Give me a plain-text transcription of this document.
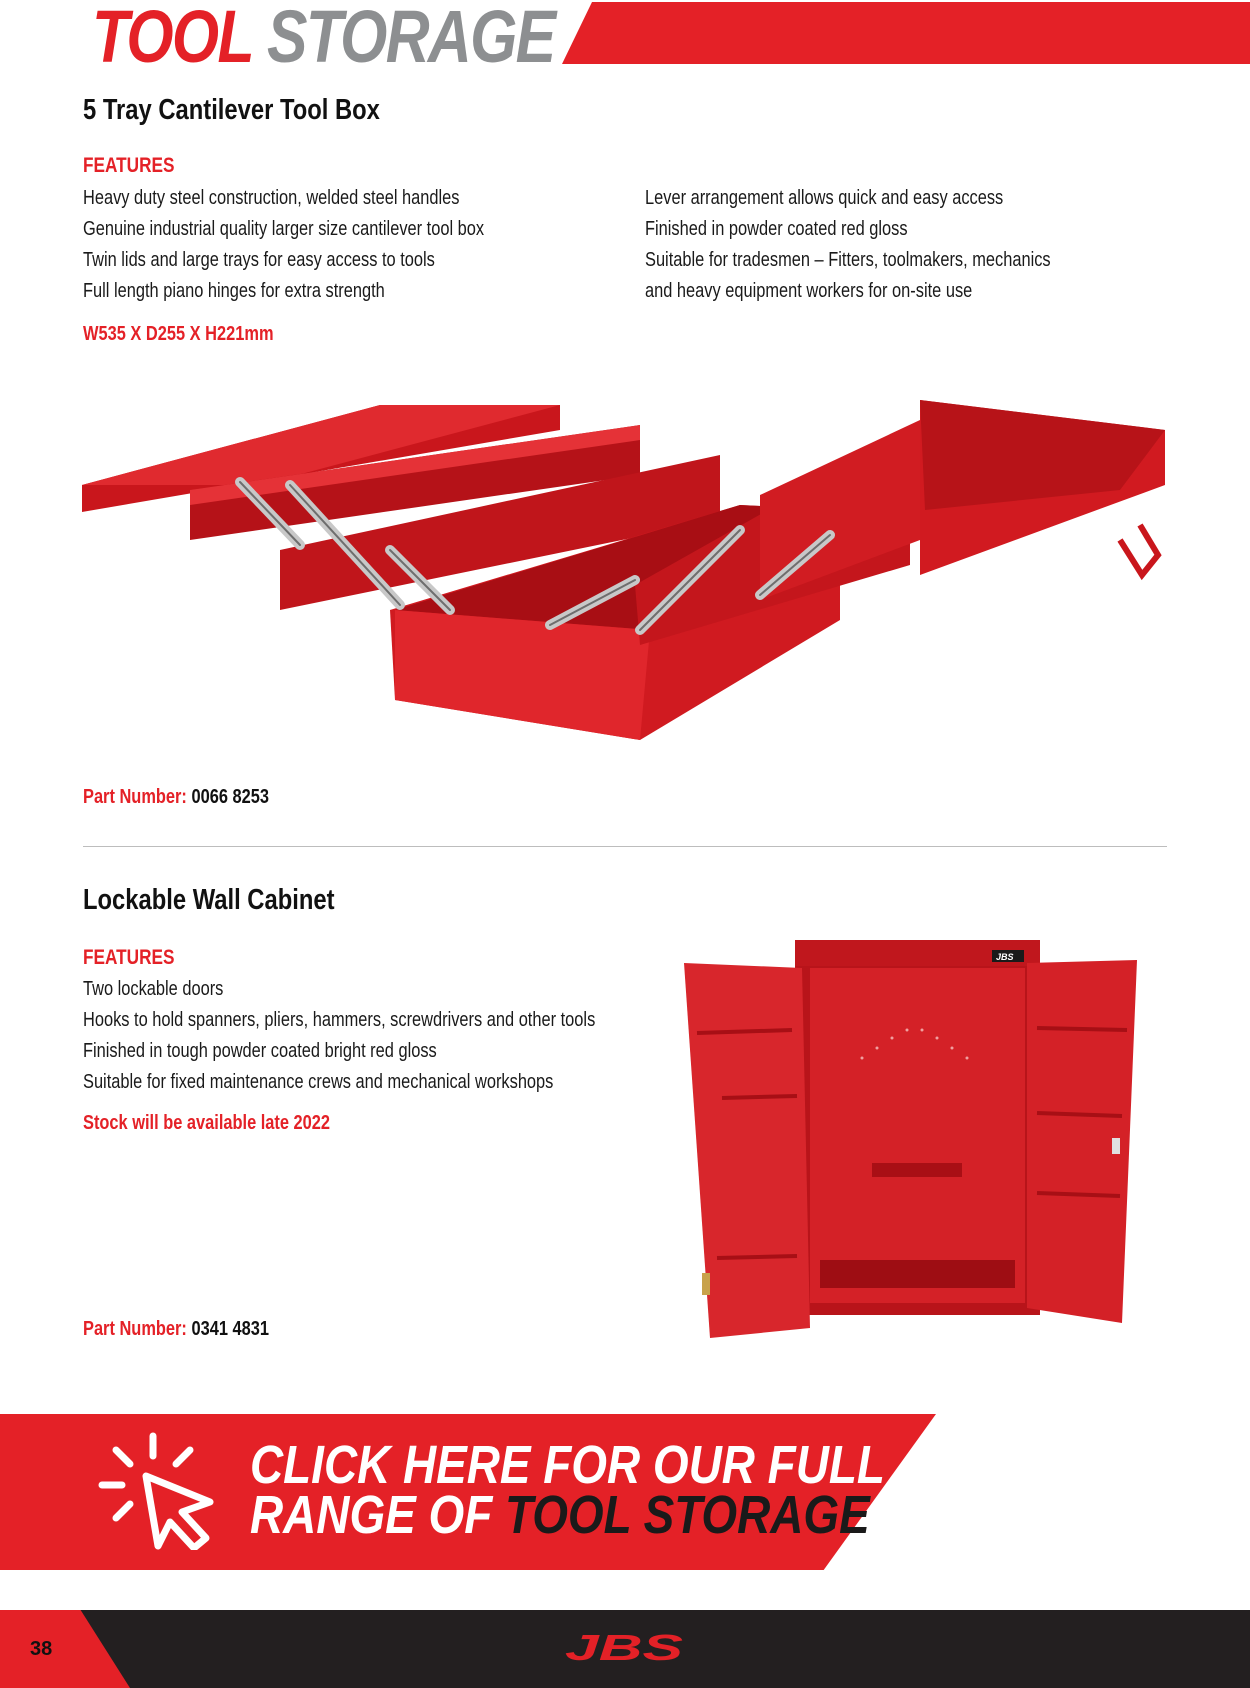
TOOL STORAGE
5 Tray Cantilever Tool Box
FEATURES
Heavy duty steel construction, welded steel handles
Genuine industrial quality larger size cantilever tool box
Twin lids and large trays for easy access to tools
Full length piano hinges for extra strength
Lever arrangement allows quick and easy access
Finished in powder coated red gloss
Suitable for tradesmen – Fitters, toolmakers, mechanics
and heavy equipment workers for on-site use
W535 X D255 X H221mm
Part Number: 0066 8253
Lockable Wall Cabinet
FEATURES
Two lockable doors
Hooks to hold spanners, pliers, hammers, screwdrivers and other tools
Finished in tough powder coated bright red gloss
Suitable for fixed maintenance crews and mechanical workshops
Stock will be available late 2022
JBS
Part Number: 0341 4831
CLICK HERE FOR OUR FULL
RANGE OF TOOL STORAGE
38	JBS
